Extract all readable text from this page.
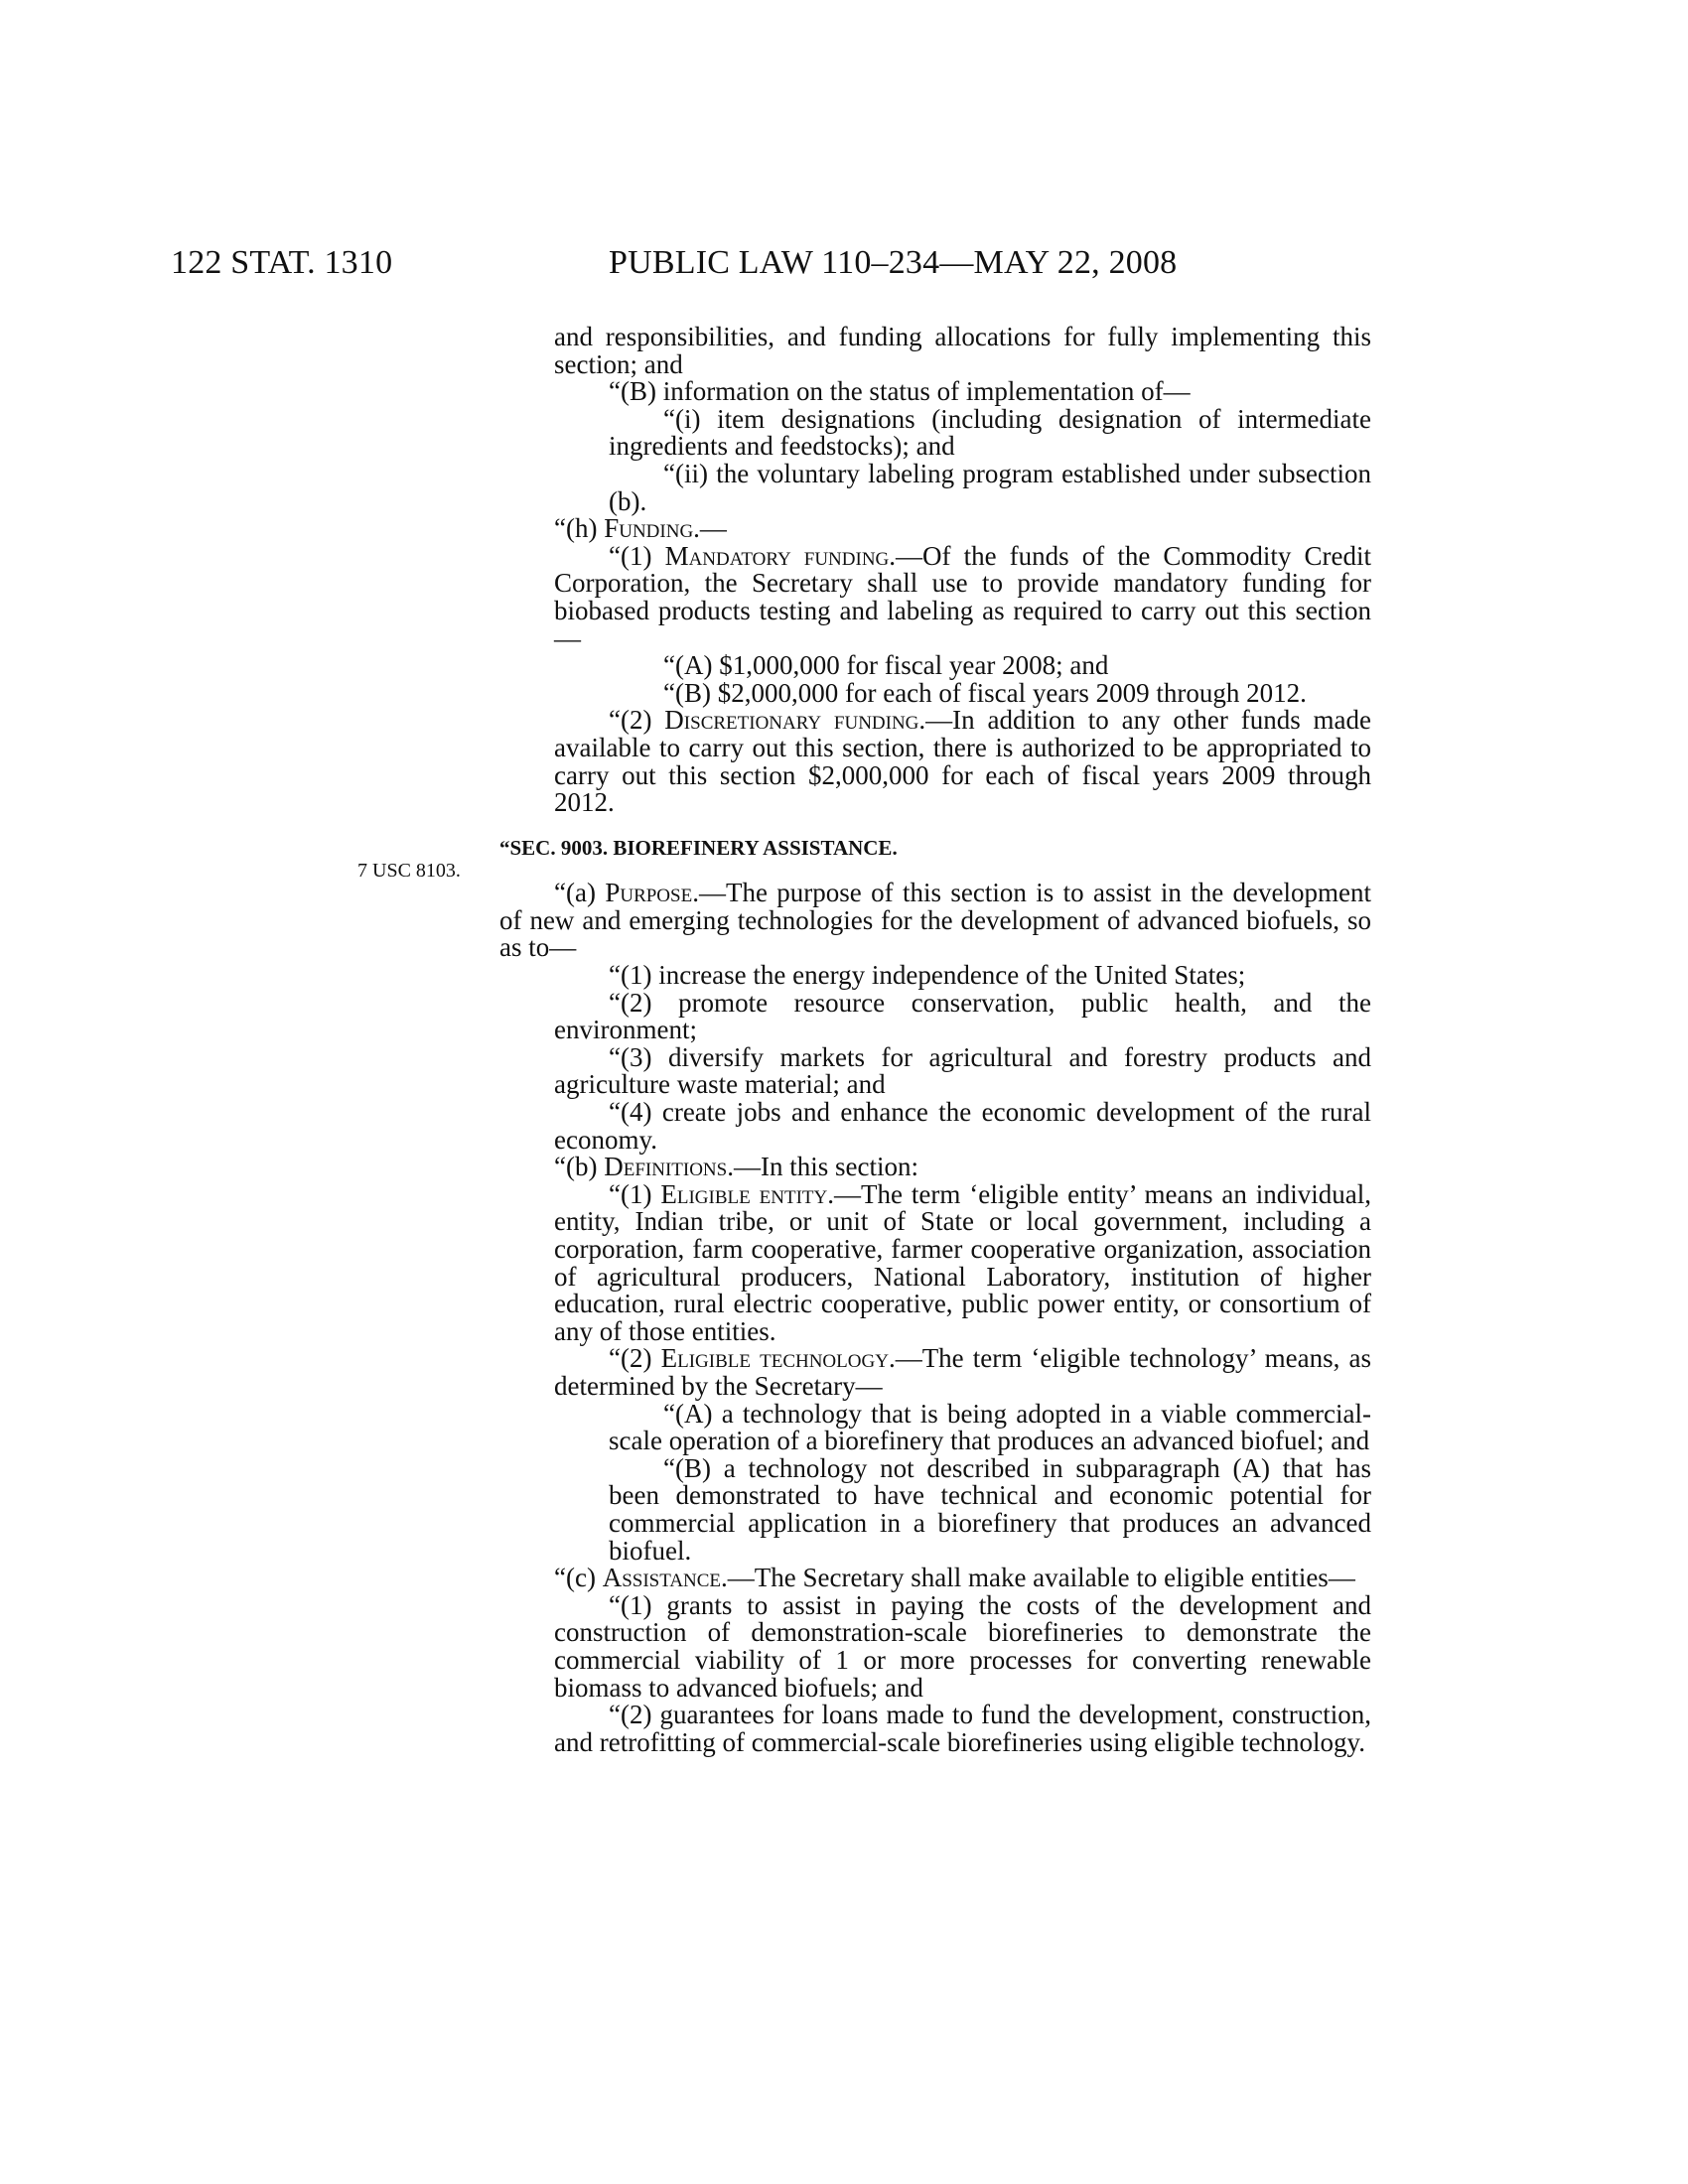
122 STAT. 1310	PUBLIC LAW 110–234—MAY 22, 2008
7 USC 8103.

and responsibilities, and funding allocations for fully implementing this section; and

“(B) information on the status of implementation of—

“(i) item designations (including designation of intermediate ingredients and feedstocks); and

“(ii) the voluntary labeling program established under subsection (b).

“(h) Funding.—

“(1) Mandatory funding.—Of the funds of the Commodity Credit Corporation, the Secretary shall use to provide mandatory funding for biobased products testing and labeling as required to carry out this section—

“(A) $1,000,000 for fiscal year 2008; and

“(B) $2,000,000 for each of fiscal years 2009 through 2012.

“(2) Discretionary funding.—In addition to any other funds made available to carry out this section, there is authorized to be appropriated to carry out this section $2,000,000 for each of fiscal years 2009 through 2012.

“SEC. 9003. BIOREFINERY ASSISTANCE.

“(a) Purpose.—The purpose of this section is to assist in the development of new and emerging technologies for the development of advanced biofuels, so as to—

“(1) increase the energy independence of the United States;

“(2) promote resource conservation, public health, and the environment;

“(3) diversify markets for agricultural and forestry products and agriculture waste material; and

“(4) create jobs and enhance the economic development of the rural economy.

“(b) Definitions.—In this section:

“(1) Eligible entity.—The term ‘eligible entity’ means an individual, entity, Indian tribe, or unit of State or local government, including a corporation, farm cooperative, farmer cooperative organization, association of agricultural producers, National Laboratory, institution of higher education, rural electric cooperative, public power entity, or consortium of any of those entities.

“(2) Eligible technology.—The term ‘eligible technology’ means, as determined by the Secretary—

“(A) a technology that is being adopted in a viable commercial-scale operation of a biorefinery that produces an advanced biofuel; and

“(B) a technology not described in subparagraph (A) that has been demonstrated to have technical and economic potential for commercial application in a biorefinery that produces an advanced biofuel.

“(c) Assistance.—The Secretary shall make available to eligible entities—

“(1) grants to assist in paying the costs of the development and construction of demonstration-scale biorefineries to demonstrate the commercial viability of 1 or more processes for converting renewable biomass to advanced biofuels; and

“(2) guarantees for loans made to fund the development, construction, and retrofitting of commercial-scale biorefineries using eligible technology.
